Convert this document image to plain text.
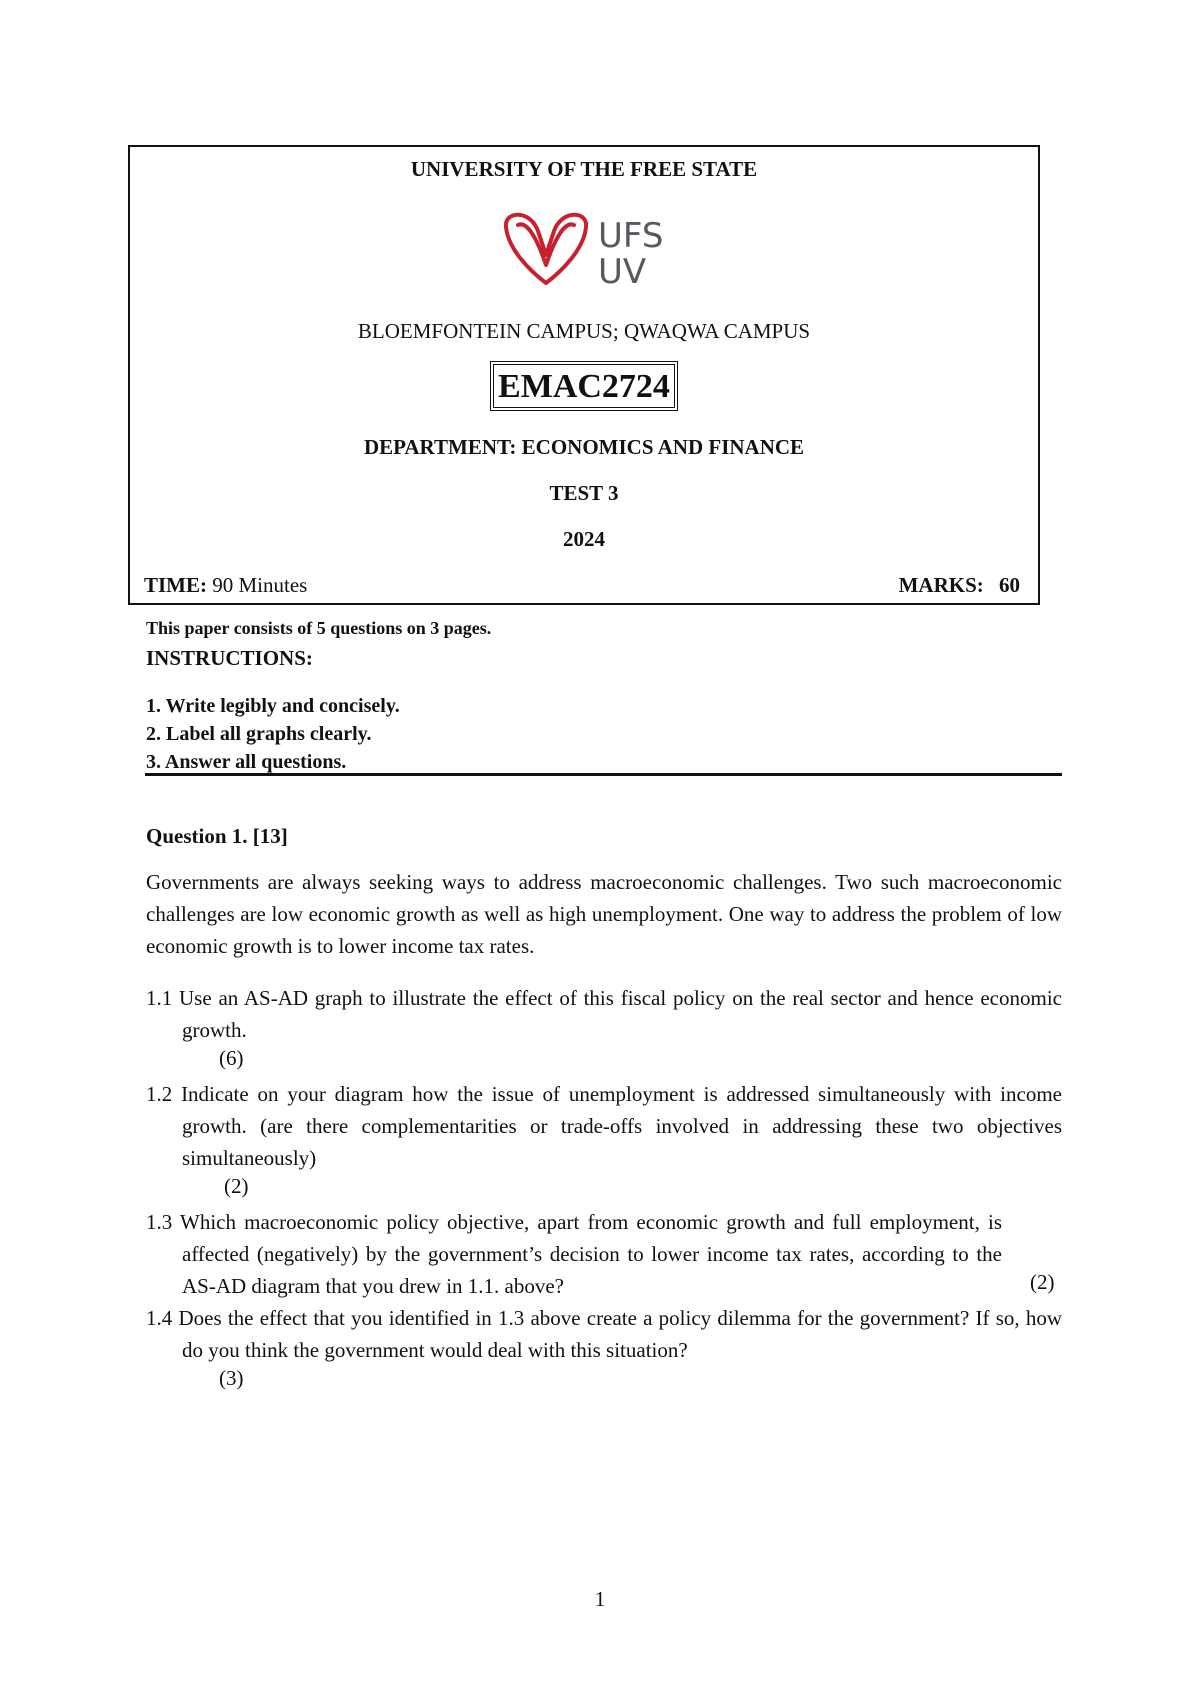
UNIVERSITY OF THE FREE STATE
UFS
UV
BLOEMFONTEIN CAMPUS; QWAQWA CAMPUS
EMAC2724
DEPARTMENT: ECONOMICS AND FINANCE
TEST 3
2024
TIME: 90 Minutes	MARKS: 60
This paper consists of 5 questions on 3 pages.
INSTRUCTIONS:
1. Write legibly and concisely.
2. Label all graphs clearly.
3. Answer all questions.
Question 1. [13]
Governments are always seeking ways to address macroeconomic challenges. Two such macroeconomic challenges are low economic growth as well as high unemployment. One way to address the problem of low economic growth is to lower income tax rates.
1.1 Use an AS-AD graph to illustrate the effect of this fiscal policy on the real sector and hence economic growth.
(6)
1.2 Indicate on your diagram how the issue of unemployment is addressed simultaneously with income growth. (are there complementarities or trade-offs involved in addressing these two objectives simultaneously)
(2)
1.3 Which macroeconomic policy objective, apart from economic growth and full employment, is affected (negatively) by the government’s decision to lower income tax rates, according to the AS-AD diagram that you drew in 1.1. above?	(2)
1.4 Does the effect that you identified in 1.3 above create a policy dilemma for the government? If so, how do you think the government would deal with this situation?
(3)
1
